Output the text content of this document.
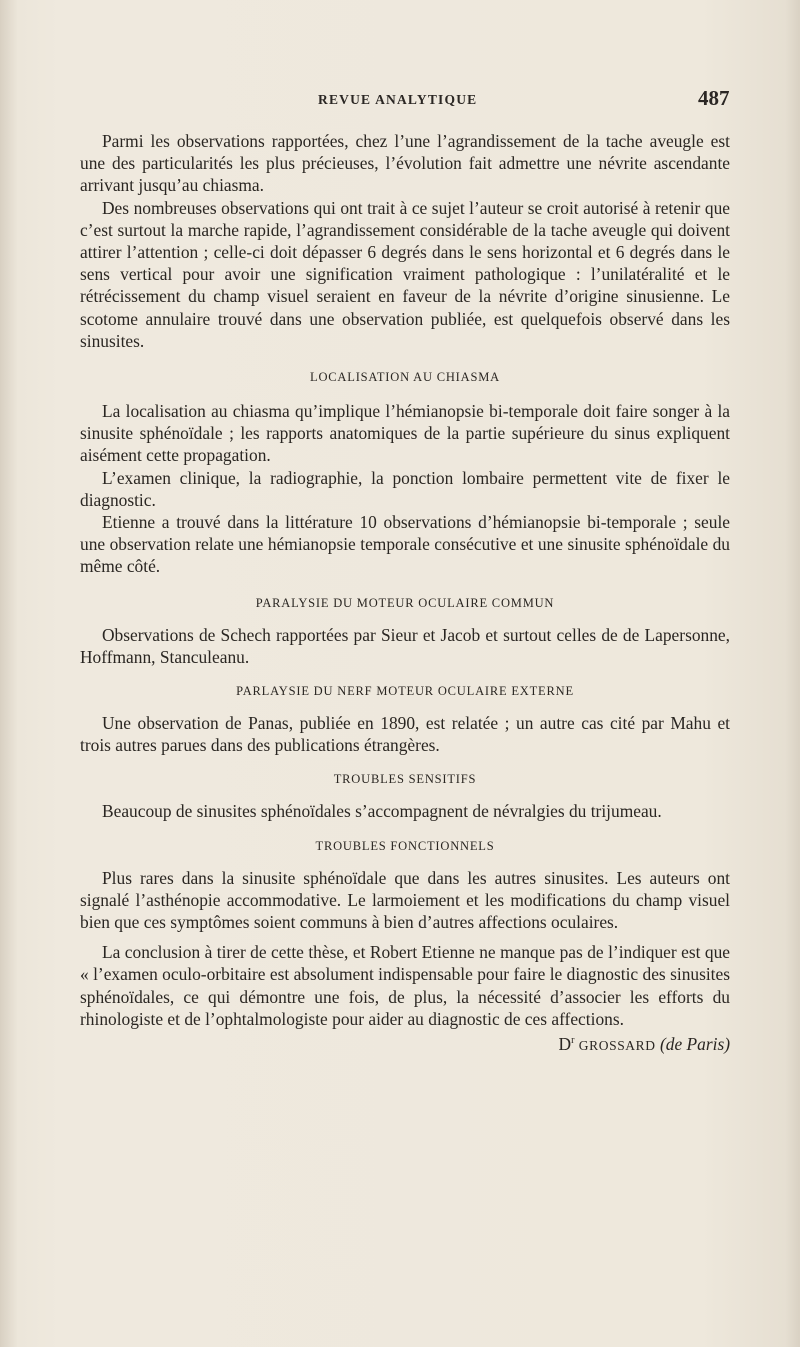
REVUE ANALYTIQUE	487

Parmi les observations rapportées, chez l’une l’agrandissement de la tache aveugle est une des particularités les plus précieuses, l’évolution fait admettre une névrite ascendante arrivant jusqu’au chiasma.

Des nombreuses observations qui ont trait à ce sujet l’auteur se croit autorisé à retenir que c’est surtout la marche rapide, l’agrandissement considérable de la tache aveugle qui doivent attirer l’attention ; celle-ci doit dépasser 6 degrés dans le sens horizontal et 6 degrés dans le sens vertical pour avoir une signification vraiment pathologique : l’unilatéralité et le rétrécissement du champ visuel seraient en faveur de la névrite d’origine sinusienne. Le scotome annulaire trouvé dans une observation publiée, est quelquefois observé dans les sinusites.

LOCALISATION AU CHIASMA

La localisation au chiasma qu’implique l’hémianopsie bi-temporale doit faire songer à la sinusite sphénoïdale ; les rapports anatomiques de la partie supérieure du sinus expliquent aisément cette propagation.

L’examen clinique, la radiographie, la ponction lombaire permettent vite de fixer le diagnostic.

Etienne a trouvé dans la littérature 10 observations d’hémianopsie bi-temporale ; seule une observation relate une hémianopsie temporale consécutive et une sinusite sphénoïdale du même côté.

PARALYSIE DU MOTEUR OCULAIRE COMMUN

Observations de Schech rapportées par Sieur et Jacob et surtout celles de de Lapersonne, Hoffmann, Stanculeanu.

PARLAYSIE DU NERF MOTEUR OCULAIRE EXTERNE

Une observation de Panas, publiée en 1890, est relatée ; un autre cas cité par Mahu et trois autres parues dans des publications étrangères.

TROUBLES SENSITIFS

Beaucoup de sinusites sphénoïdales s’accompagnent de névralgies du trijumeau.

TROUBLES FONCTIONNELS

Plus rares dans la sinusite sphénoïdale que dans les autres sinusites. Les auteurs ont signalé l’asthénopie accommodative. Le larmoiement et les modifications du champ visuel bien que ces symptômes soient communs à bien d’autres affections oculaires.

La conclusion à tirer de cette thèse, et Robert Etienne ne manque pas de l’indiquer est que « l’examen oculo-orbitaire est absolument indispensable pour faire le diagnostic des sinusites sphénoïdales, ce qui démontre une fois, de plus, la nécessité d’associer les efforts du rhinologiste et de l’ophtalmologiste pour aider au diagnostic de ces affections.
$D^r$ GROSSARD (de Paris)
